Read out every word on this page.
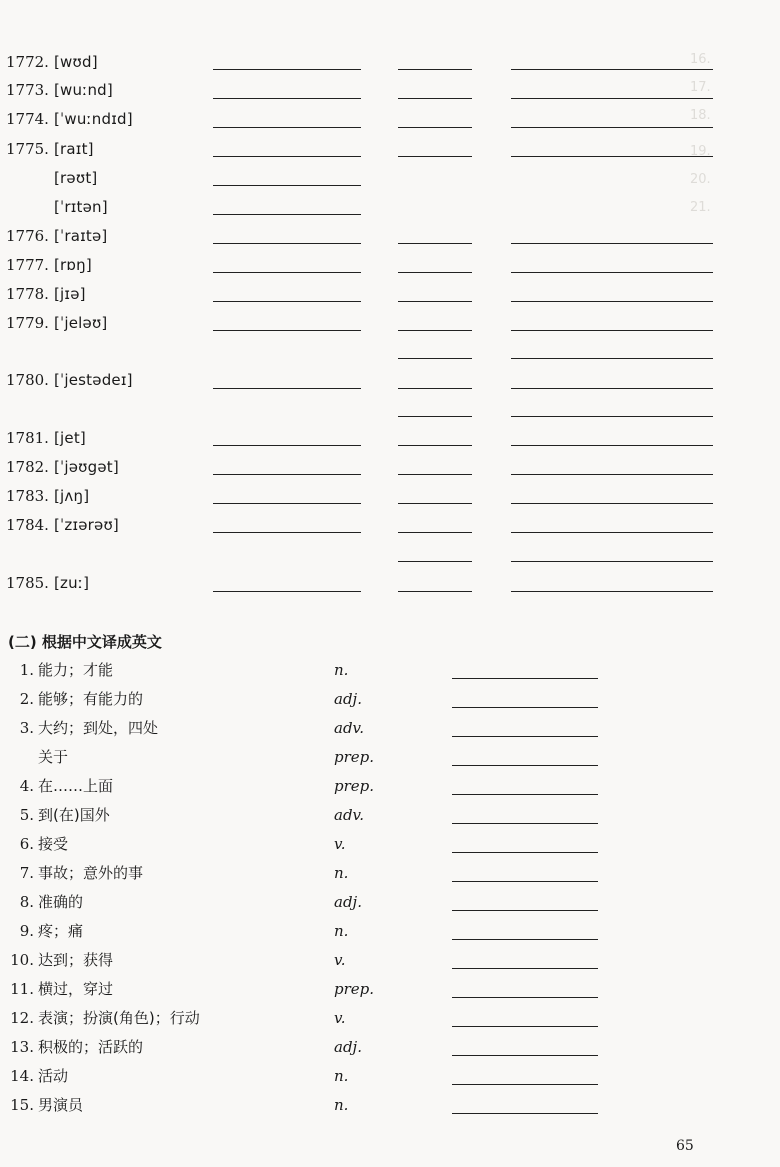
16.
17.
18.
19.
20.
21.
1772. [wʊd]
1773. [wuːnd]
1774. [ˈwuːndɪd]
1775. [raɪt]
[rəʊt]
[ˈrɪtən]
1776. [ˈraɪtə]
1777. [rɒŋ]
1778. [jɪə]
1779. [ˈjeləʊ]
1780. [ˈjestədeɪ]
1781. [jet]
1782. [ˈjəʊgət]
1783. [jʌŋ]
1784. [ˈzɪərəʊ]
1785. [zuː]
(二) 根据中文译成英文
1. 能力；才能	n.
2. 能够；有能力的	adj.
3. 大约；到处，四处	adv.
关于	prep.
4. 在……上面	prep.
5. 到(在)国外	adv.
6. 接受	v.
7. 事故；意外的事	n.
8. 准确的	adj.
9. 疼；痛	n.
10. 达到；获得	v.
11. 横过，穿过	prep.
12. 表演；扮演(角色)；行动	v.
13. 积极的；活跃的	adj.
14. 活动	n.
15. 男演员	n.
65
